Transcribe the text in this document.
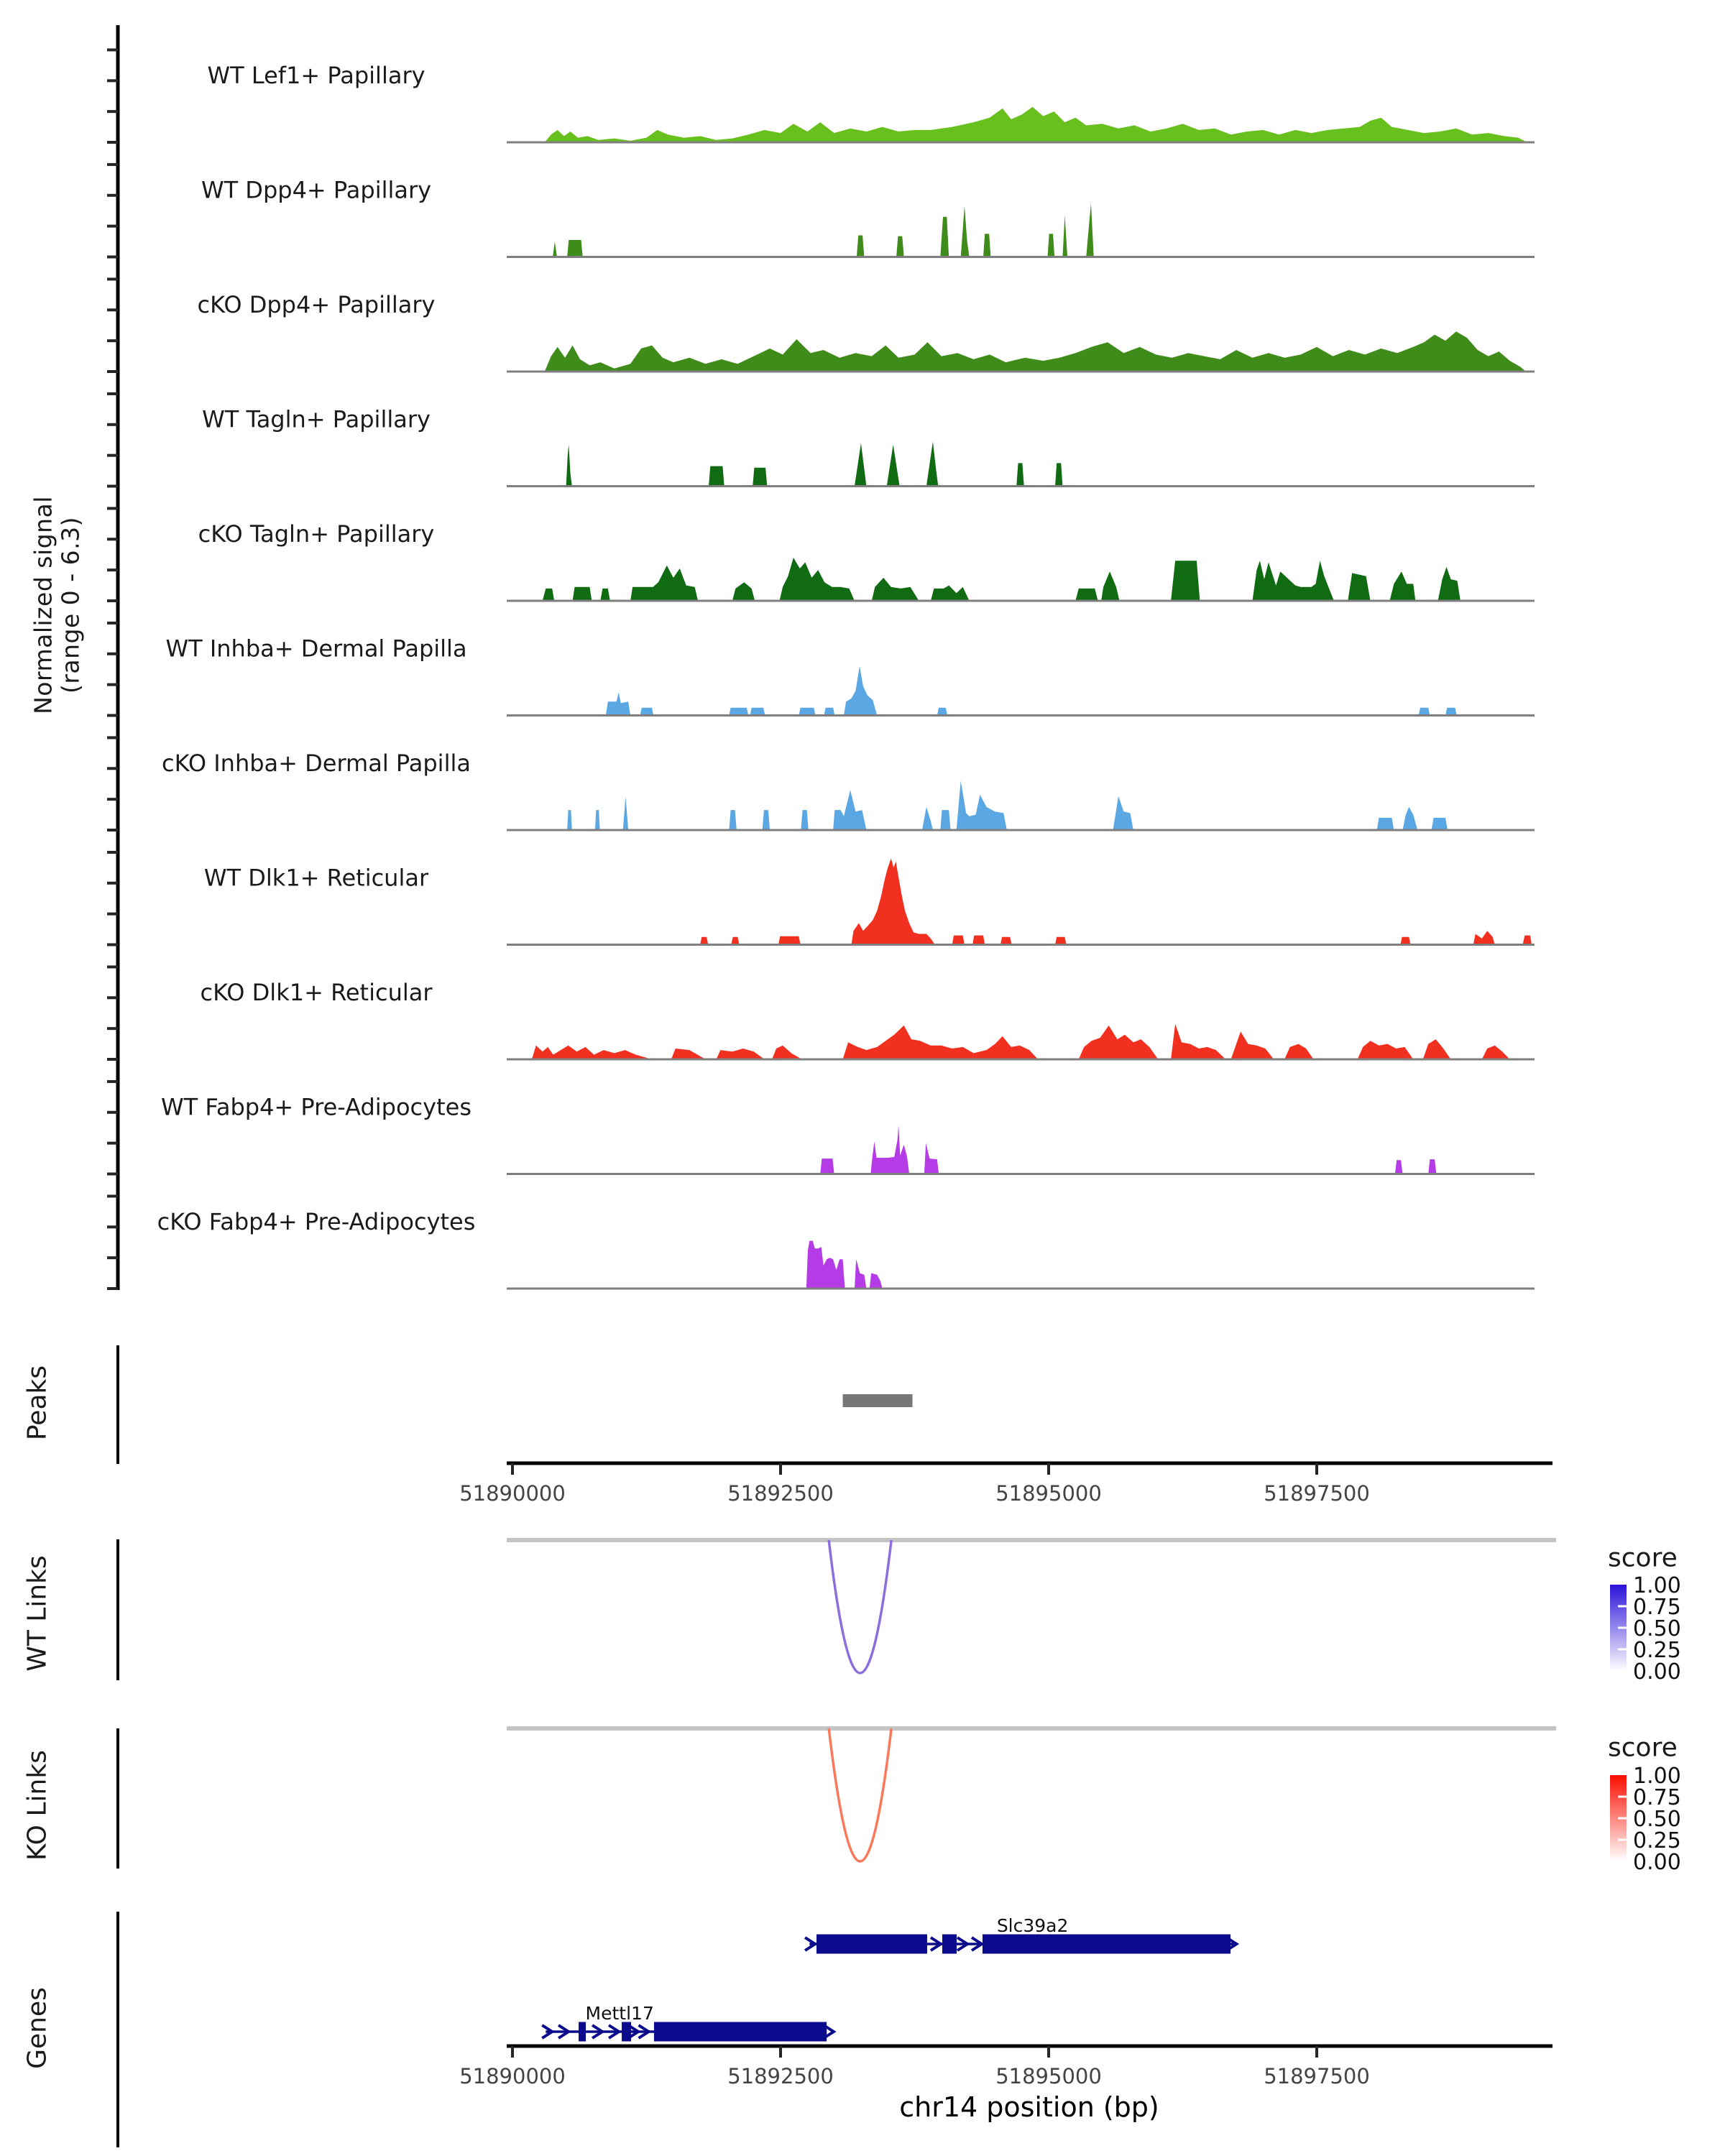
WT Lef1+ Papillary
WT Dpp4+ Papillary
cKO Dpp4+ Papillary
WT Tagln+ Papillary
cKO Tagln+ Papillary
WT Inhba+ Dermal Papilla
cKO Inhba+ Dermal Papilla
WT Dlk1+ Reticular
cKO Dlk1+ Reticular
WT Fabp4+ Pre-Adipocytes
cKO Fabp4+ Pre-Adipocytes
51890000	51892500	51895000	51897500
51890000	51892500	51895000	51897500
1.00
0.75
0.50
0.25
0.00
1.00
0.75
0.50
0.25
0.00
Slc39a2
Mettl17
Normalized signal (range 0 - 6.3)
Peaks
WT Links
KO Links
Genes
chr14 position (bp)
score
score
